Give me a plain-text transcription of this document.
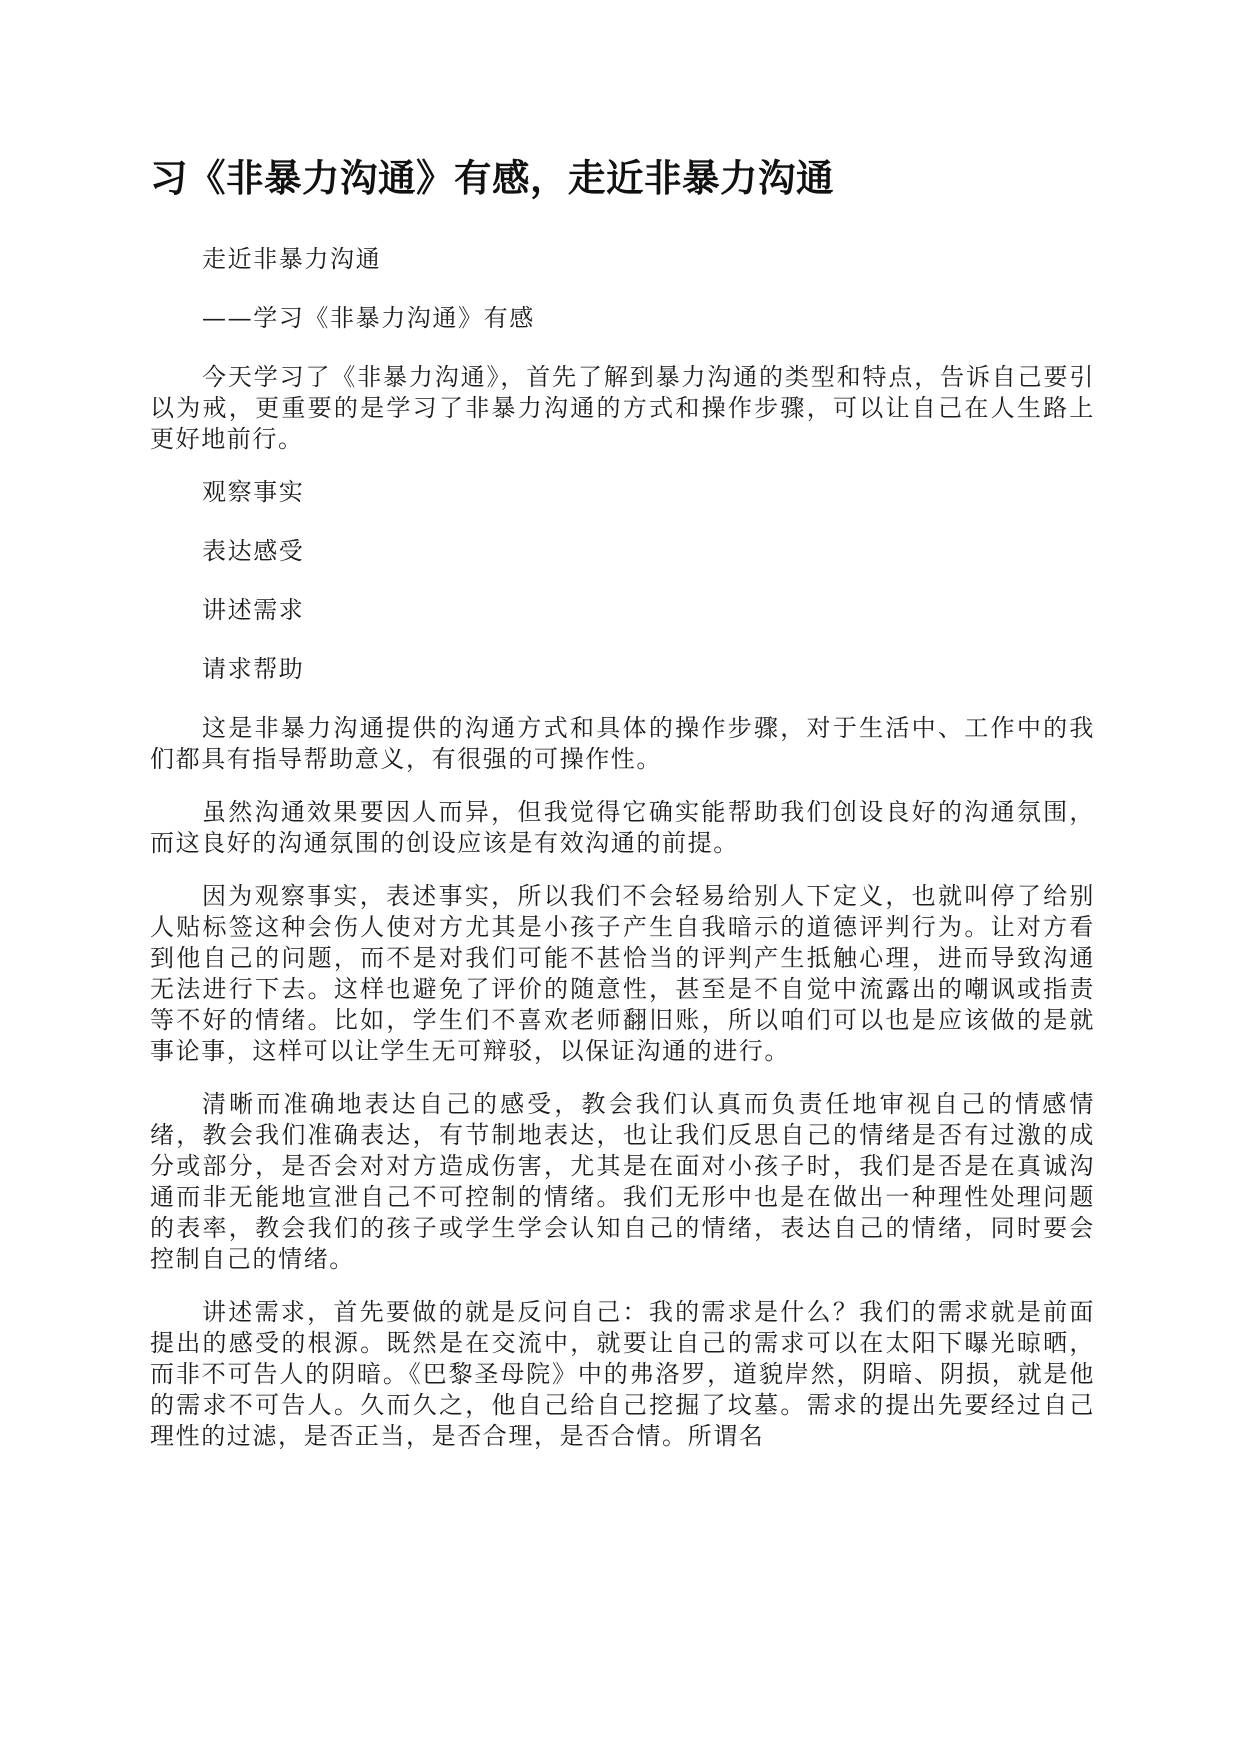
习《非暴力沟通》有感，走近非暴力沟通

走近非暴力沟通

——学习《非暴力沟通》有感

今天学习了《非暴力沟通》，首先了解到暴力沟通的类型和特点，告诉自己要引以为戒，更重要的是学习了非暴力沟通的方式和操作步骤，可以让自己在人生路上更好地前行。

观察事实

表达感受

讲述需求

请求帮助

这是非暴力沟通提供的沟通方式和具体的操作步骤，对于生活中、工作中的我们都具有指导帮助意义，有很强的可操作性。

虽然沟通效果要因人而异，但我觉得它确实能帮助我们创设良好的沟通氛围，而这良好的沟通氛围的创设应该是有效沟通的前提。

因为观察事实，表述事实，所以我们不会轻易给别人下定义，也就叫停了给别人贴标签这种会伤人使对方尤其是小孩子产生自我暗示的道德评判行为。让对方看到他自己的问题，而不是对我们可能不甚恰当的评判产生抵触心理，进而导致沟通无法进行下去。这样也避免了评价的随意性，甚至是不自觉中流露出的嘲讽或指责等不好的情绪。比如，学生们不喜欢老师翻旧账，所以咱们可以也是应该做的是就事论事，这样可以让学生无可辩驳，以保证沟通的进行。

清晰而准确地表达自己的感受，教会我们认真而负责任地审视自己的情感情绪，教会我们准确表达，有节制地表达，也让我们反思自己的情绪是否有过激的成分或部分，是否会对对方造成伤害，尤其是在面对小孩子时，我们是否是在真诚沟通而非无能地宣泄自己不可控制的情绪。我们无形中也是在做出一种理性处理问题的表率，教会我们的孩子或学生学会认知自己的情绪，表达自己的情绪，同时要会控制自己的情绪。

讲述需求，首先要做的就是反问自己：我的需求是什么？我们的需求就是前面提出的感受的根源。既然是在交流中，就要让自己的需求可以在太阳下曝光晾晒，而非不可告人的阴暗。《巴黎圣母院》中的弗洛罗，道貌岸然，阴暗、阴损，就是他的需求不可告人。久而久之，他自己给自己挖掘了坟墓。需求的提出先要经过自己理性的过滤，是否正当，是否合理，是否合情。所谓名
